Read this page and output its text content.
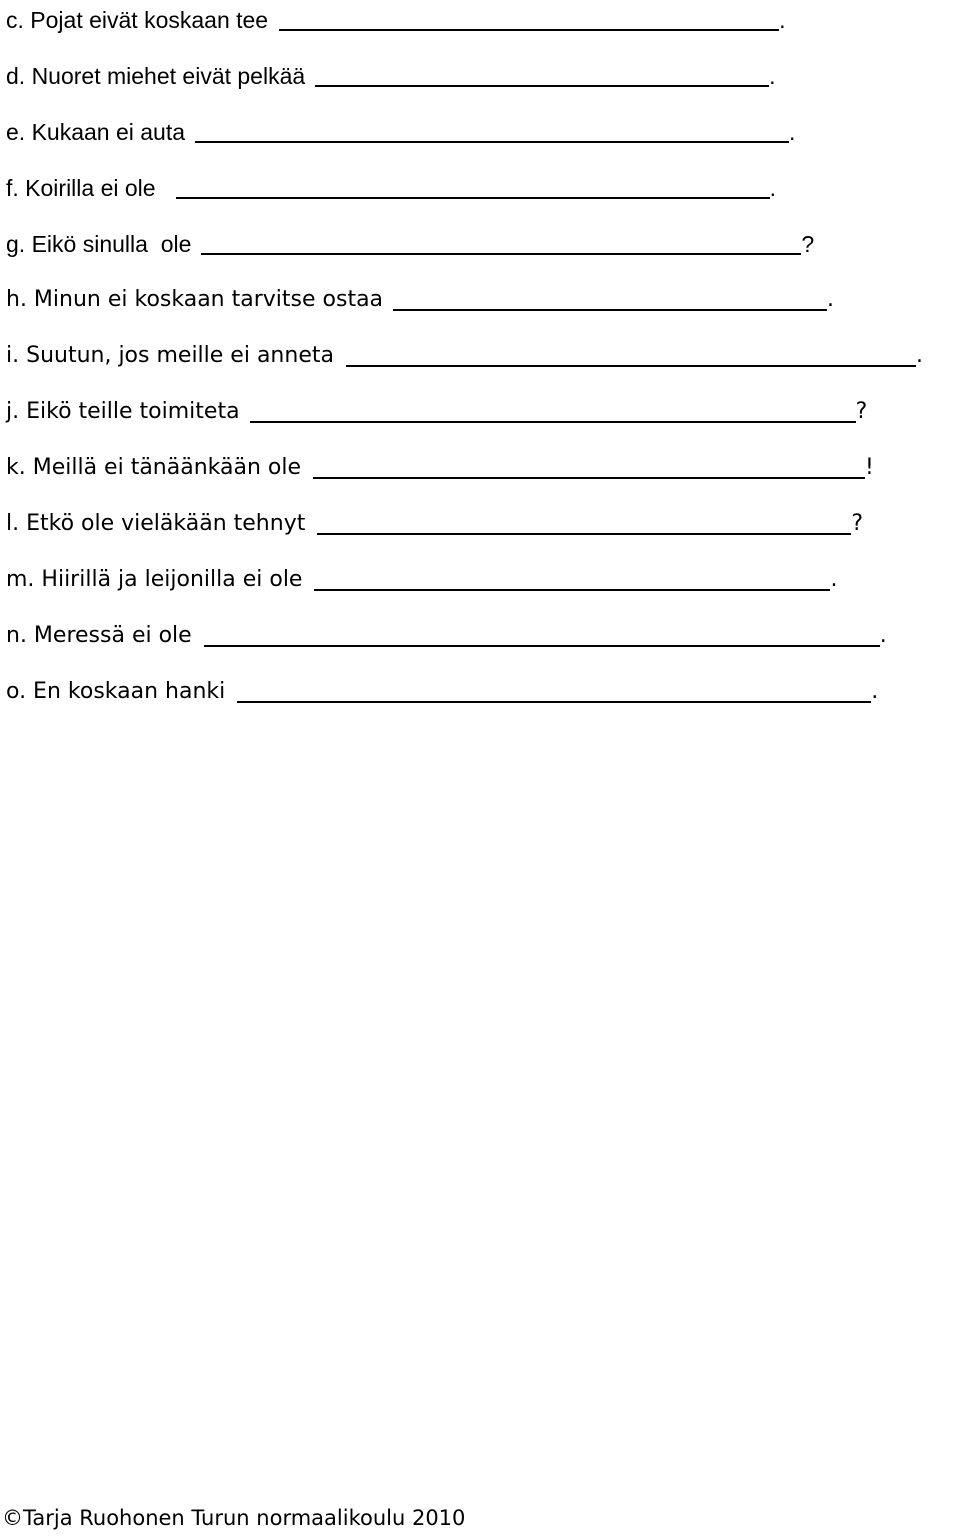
c. Pojat eivät koskaan tee	.
d. Nuoret miehet eivät pelkää	.
e. Kukaan ei auta	.
f. Koirilla ei ole	.
g. Eikö sinulla  ole	?
h. Minun ei koskaan tarvitse ostaa	.
i. Suutun, jos meille ei anneta	.
j. Eikö teille toimiteta	?
k. Meillä ei tänäänkään ole	!
l. Etkö ole vieläkään tehnyt	?
m. Hiirillä ja leijonilla ei ole	.
n. Meressä ei ole	.
o. En koskaan hanki	.
©Tarja Ruohonen Turun normaalikoulu 2010
